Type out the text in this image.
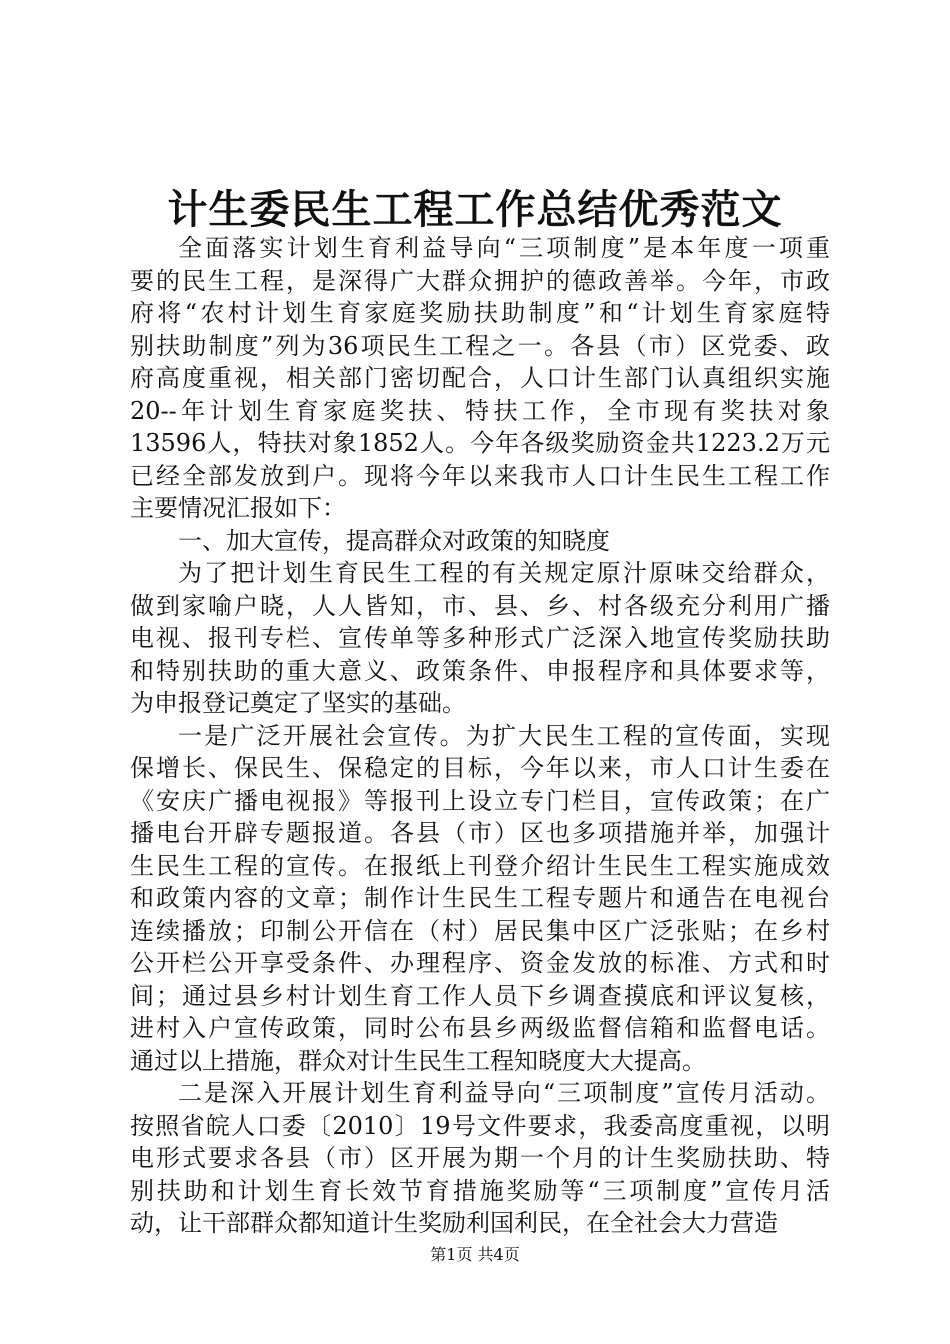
计生委民生工程工作总结优秀范文
全面落实计划生育利益导向“三项制度”是本年度一项重
要的民生工程，是深得广大群众拥护的德政善举。今年，市政
府将“农村计划生育家庭奖励扶助制度”和“计划生育家庭特
别扶助制度”列为36项民生工程之一。各县（市）区党委、政
府高度重视，相关部门密切配合，人口计生部门认真组织实施
20--年计划生育家庭奖扶、特扶工作，全市现有奖扶对象
13596人，特扶对象1852人。今年各级奖励资金共1223.2万元
已经全部发放到户。现将今年以来我市人口计生民生工程工作
主要情况汇报如下：
一、加大宣传，提高群众对政策的知晓度
为了把计划生育民生工程的有关规定原汁原味交给群众，
做到家喻户晓，人人皆知，市、县、乡、村各级充分利用广播
电视、报刊专栏、宣传单等多种形式广泛深入地宣传奖励扶助
和特别扶助的重大意义、政策条件、申报程序和具体要求等，
为申报登记奠定了坚实的基础。
一是广泛开展社会宣传。为扩大民生工程的宣传面，实现
保增长、保民生、保稳定的目标，今年以来，市人口计生委在
《安庆广播电视报》等报刊上设立专门栏目，宣传政策；在广
播电台开辟专题报道。各县（市）区也多项措施并举，加强计
生民生工程的宣传。在报纸上刊登介绍计生民生工程实施成效
和政策内容的文章；制作计生民生工程专题片和通告在电视台
连续播放；印制公开信在（村）居民集中区广泛张贴；在乡村
公开栏公开享受条件、办理程序、资金发放的标准、方式和时
间；通过县乡村计划生育工作人员下乡调查摸底和评议复核，
进村入户宣传政策，同时公布县乡两级监督信箱和监督电话。
通过以上措施，群众对计生民生工程知晓度大大提高。
二是深入开展计划生育利益导向“三项制度”宣传月活动。
按照省皖人口委〔2010〕19号文件要求，我委高度重视，以明
电形式要求各县（市）区开展为期一个月的计生奖励扶助、特
别扶助和计划生育长效节育措施奖励等“三项制度”宣传月活
动，让干部群众都知道计生奖励利国利民，在全社会大力营造
第1页 共4页
